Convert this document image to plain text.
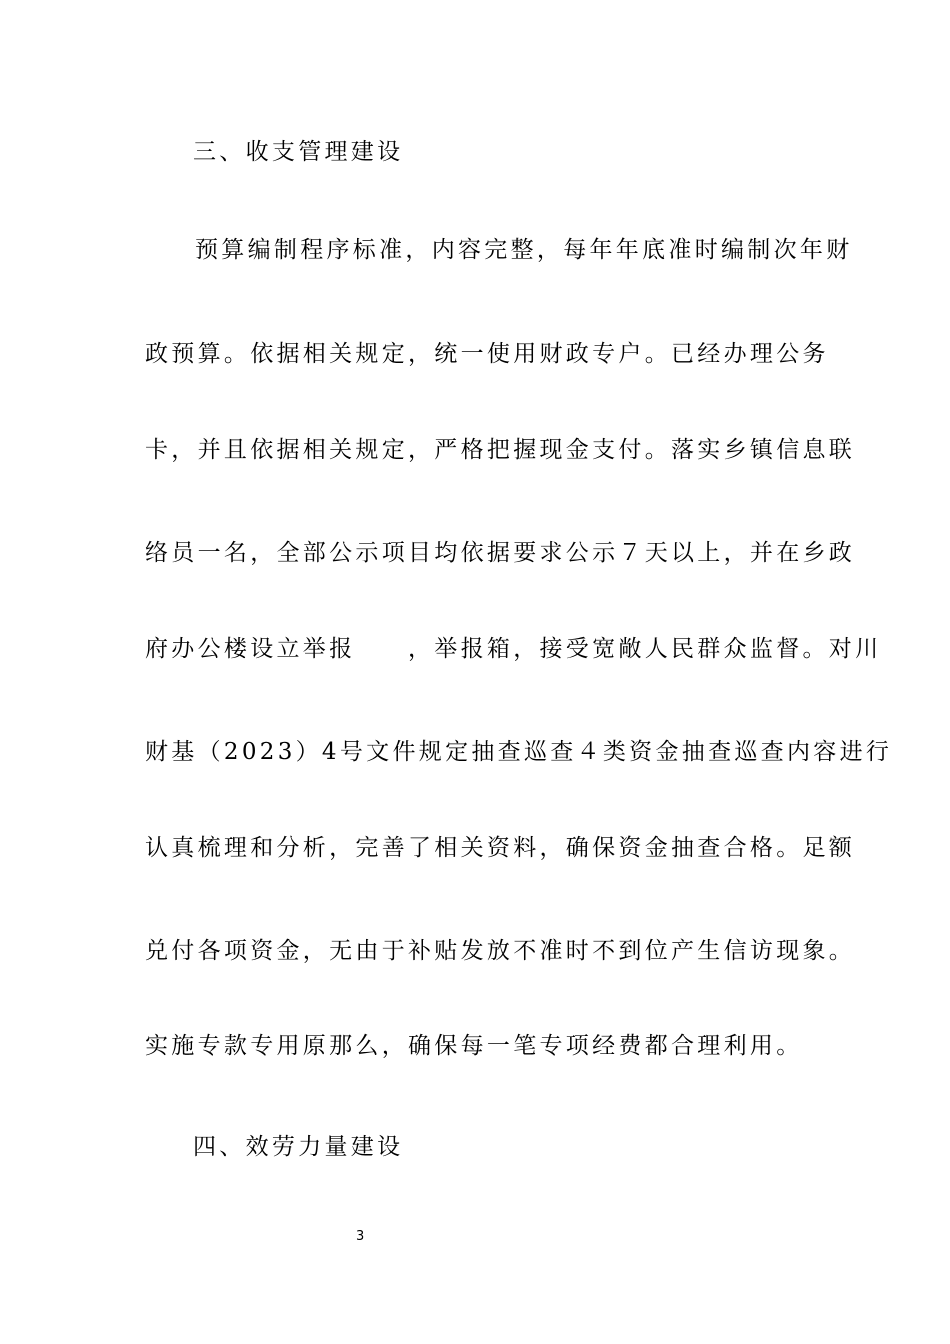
三、收支管理建设
预算编制程序标准，内容完整，每年年底准时编制次年财
政预算。依据相关规定，统一使用财政专户。已经办理公务
卡，并且依据相关规定，严格把握现金支付。落实乡镇信息联
络员一名，全部公示项目均依据要求公示７天以上，并在乡政
府办公楼设立举报　　，举报箱，接受宽敞人民群众监督。对川
财基（2023）4号文件规定抽查巡查４类资金抽查巡查内容进行
认真梳理和分析，完善了相关资料，确保资金抽查合格。足额
兑付各项资金，无由于补贴发放不准时不到位产生信访现象。
实施专款专用原那么，确保每一笔专项经费都合理利用。
四、效劳力量建设
3
